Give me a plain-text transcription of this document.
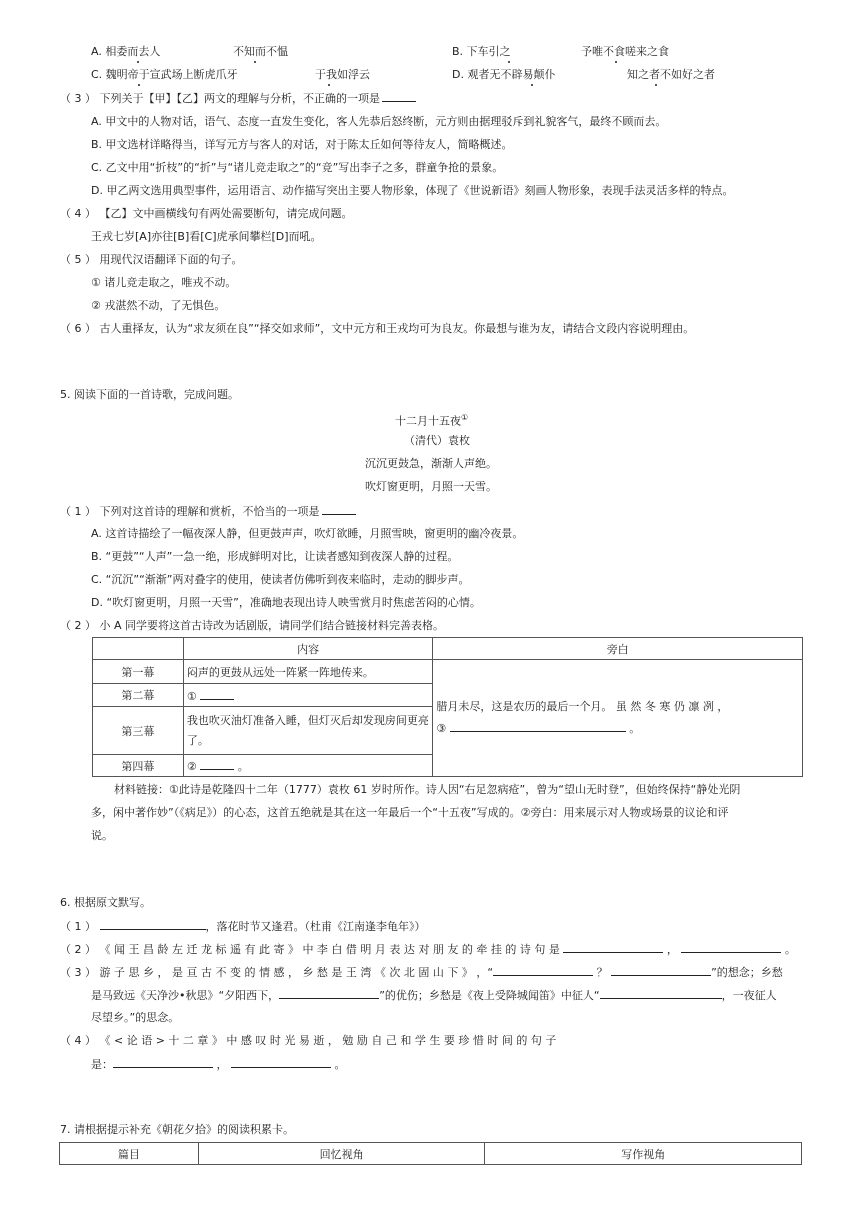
A. 相委而去人	不知而不愠	B. 下车引之	予唯不食嗟来之食
C. 魏明帝于宣武场上断虎爪牙	于我如浮云	D. 观者无不辟易颠仆	知之者不如好之者
（ 3 ） 下列关于【甲】【乙】两文的理解与分析，不正确的一项是
A. 甲文中的人物对话，语气、态度一直发生变化，客人先恭后怒终断，元方则由据理驳斥到礼貌客气，最终不顾而去。
B. 甲文选材详略得当，详写元方与客人的对话，对于陈太丘如何等待友人，简略概述。
C. 乙文中用“折枝”的“折”与“诸儿竞走取之”的“竞”写出李子之多，群童争抢的景象。
D. 甲乙两文选用典型事件，运用语言、动作描写突出主要人物形象，体现了《世说新语》刻画人物形象，表现手法灵活多样的特点。
（ 4 ） 【乙】文中画横线句有两处需要断句，请完成问题。
王戎七岁[A]亦往[B]看[C]虎承间攀栏[D]而吼。
（ 5 ） 用现代汉语翻译下面的句子。
① 诸儿竞走取之，唯戎不动。
② 戎湛然不动，了无惧色。
（ 6 ） 古人重择友，认为“求友须在良”“择交如求师”，文中元方和王戎均可为良友。你最想与谁为友，请结合文段内容说明理由。
5. 阅读下面的一首诗歌，完成问题。
十二月十五夜①
（清代）袁枚
沉沉更鼓急，渐渐人声绝。
吹灯窗更明，月照一天雪。
（ 1 ） 下列对这首诗的理解和赏析，不恰当的一项是
A. 这首诗描绘了一幅夜深人静，但更鼓声声，吹灯欲睡，月照雪映，窗更明的幽冷夜景。
B. “更鼓”“人声”一急一绝，形成鲜明对比，让读者感知到夜深人静的过程。
C. “沉沉”“渐渐”两对叠字的使用，使读者仿佛听到夜来临时，走动的脚步声。
D. “吹灯窗更明，月照一天雪”，准确地表现出诗人映雪赏月时焦虑苦闷的心情。
（ 2 ） 小 A 同学要将这首古诗改为话剧版，请同学们结合链接材料完善表格。
	内容	旁白
第一幕	闷声的更鼓从远处一阵紧一阵地传来。	腊月未尽，这是农历的最后一个月。 虽 然 冬 寒 仍 凛 冽 ，
③ 。

第二幕	①	
第三幕	我也吹灭油灯准备入睡，但灯灭后却发现房间更亮了。	
第四幕	② 。	
材料链接：①此诗是乾隆四十二年（1777）袁枚 61 岁时所作。诗人因“右足忽病疮”，曾为“望山无时登”，但始终保持“静处光阴
多，闲中著作妙”（《病足》）的心态，这首五绝就是其在这一年最后一个“十五夜”写成的。②旁白：用来展示对人物或场景的议论和评
说。
6. 根据原文默写。
（ 1 ）	，落花时节又逢君。（杜甫《江南逢李龟年》）
（ 2 ） 《 闻 王 昌 龄 左 迁 龙 标 遥 有 此 寄 》 中 李 白 借 明 月 表 达 对 朋 友 的 牵 挂 的 诗 句 是	，	。
（ 3 ） 游 子 思 乡 ， 是 亘 古 不 变 的 情 感 ， 乡 愁 是 王 湾 《 次 北 固 山 下 》 ，“	？	”的想念；乡愁
是马致远《天净沙•秋思》“夕阳西下，	”的优伤；乡愁是《夜上受降城闻笛》中征人“	，一夜征人
尽望乡。”的思念。
（ 4 ） 《 < 论 语 > 十 二 章 》 中 感 叹 时 光 易 逝 ， 勉 励 自 己 和 学 生 要 珍 惜 时 间 的 句 子
是：	，	。
7. 请根据提示补充《朝花夕拾》的阅读积累卡。
篇目	回忆视角	写作视角
